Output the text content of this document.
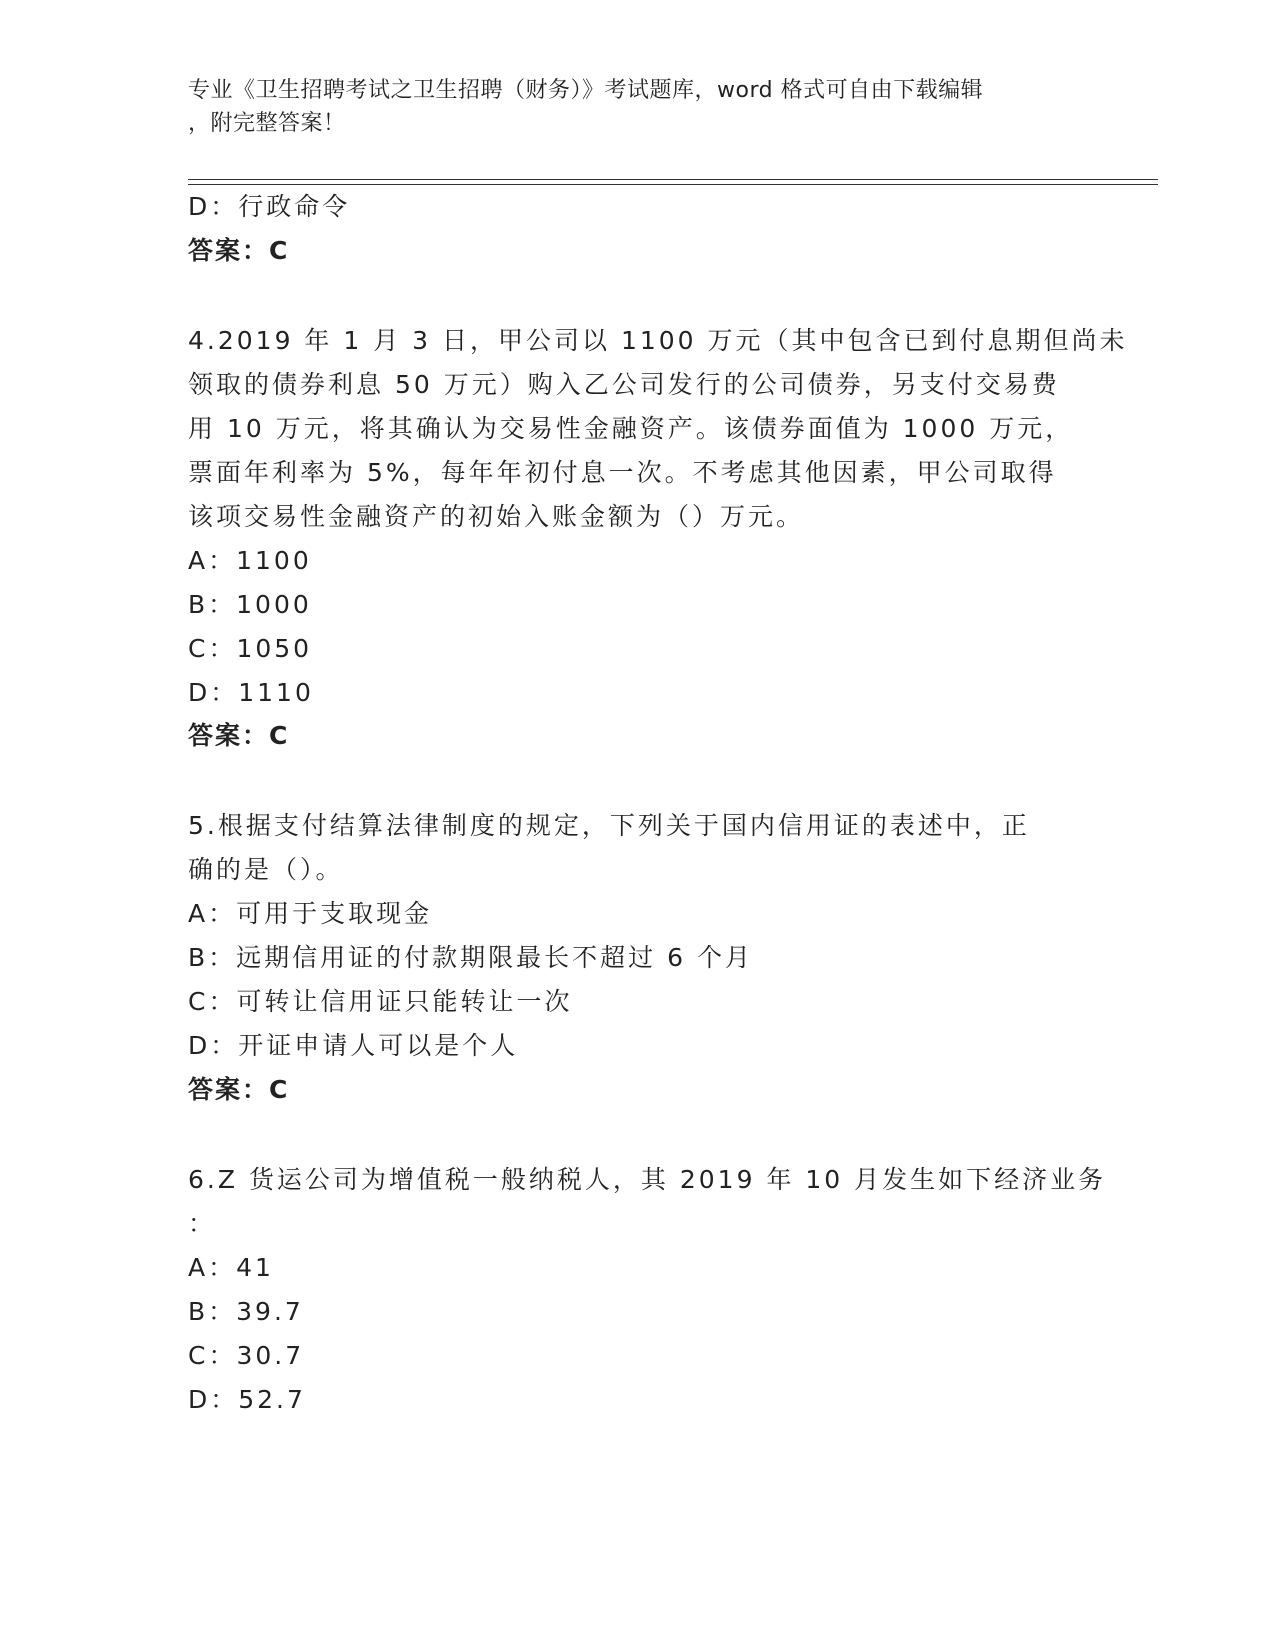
专业《卫生招聘考试之卫生招聘（财务）》考试题库，word 格式可自由下载编辑
，附完整答案！
D：行政命令
答案：C
4.2019 年 1 月 3 日，甲公司以 1100 万元（其中包含已到付息期但尚未
领取的债券利息 50 万元）购入乙公司发行的公司债券，另支付交易费
用 10 万元，将其确认为交易性金融资产。该债券面值为 1000 万元，
票面年利率为 5%，每年年初付息一次。不考虑其他因素，甲公司取得
该项交易性金融资产的初始入账金额为（）万元。
A：1100
B：1000
C：1050
D：1110
答案：C
5.根据支付结算法律制度的规定，下列关于国内信用证的表述中，正
确的是（）。
A：可用于支取现金
B：远期信用证的付款期限最长不超过 6 个月
C：可转让信用证只能转让一次
D：开证申请人可以是个人
答案：C
6.Z 货运公司为增值税一般纳税人，其 2019 年 10 月发生如下经济业务
：
A：41
B：39.7
C：30.7
D：52.7
